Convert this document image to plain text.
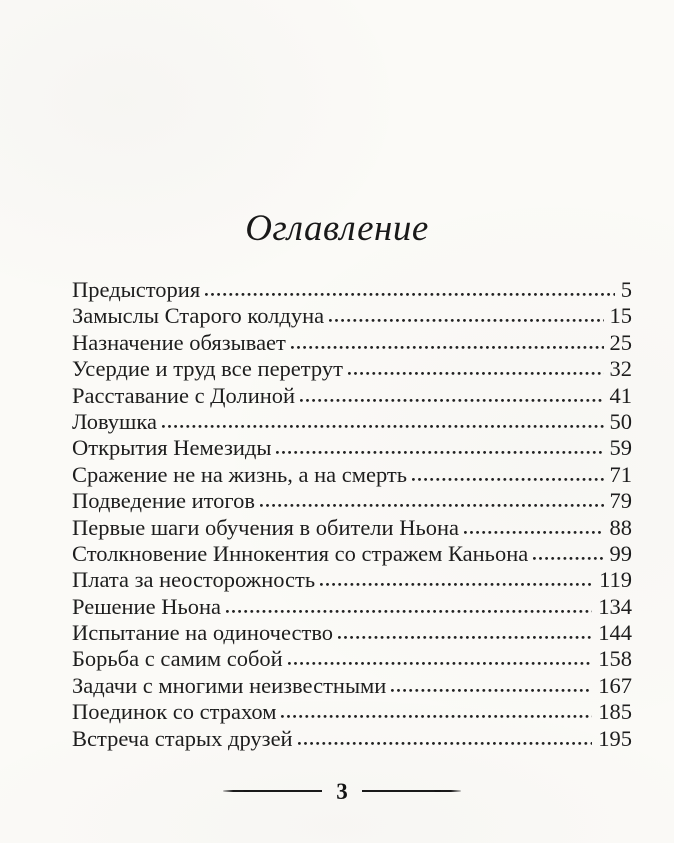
Оглавление
Предыстория	5
Замыслы Старого колдуна	15
Назначение обязывает	25
Усердие и труд все перетрут	32
Расставание с Долиной	41
Ловушка	50
Открытия Немезиды	59
Сражение не на жизнь, а на смерть	71
Подведение итогов	79
Первые шаги обучения в обители Ньона	88
Столкновение Иннокентия со стражем Каньона	99
Плата за неосторожность	119
Решение Ньона	134
Испытание на одиночество	144
Борьба с самим собой	158
Задачи с многими неизвестными	167
Поединок со страхом	185
Встреча старых друзей	195
3
